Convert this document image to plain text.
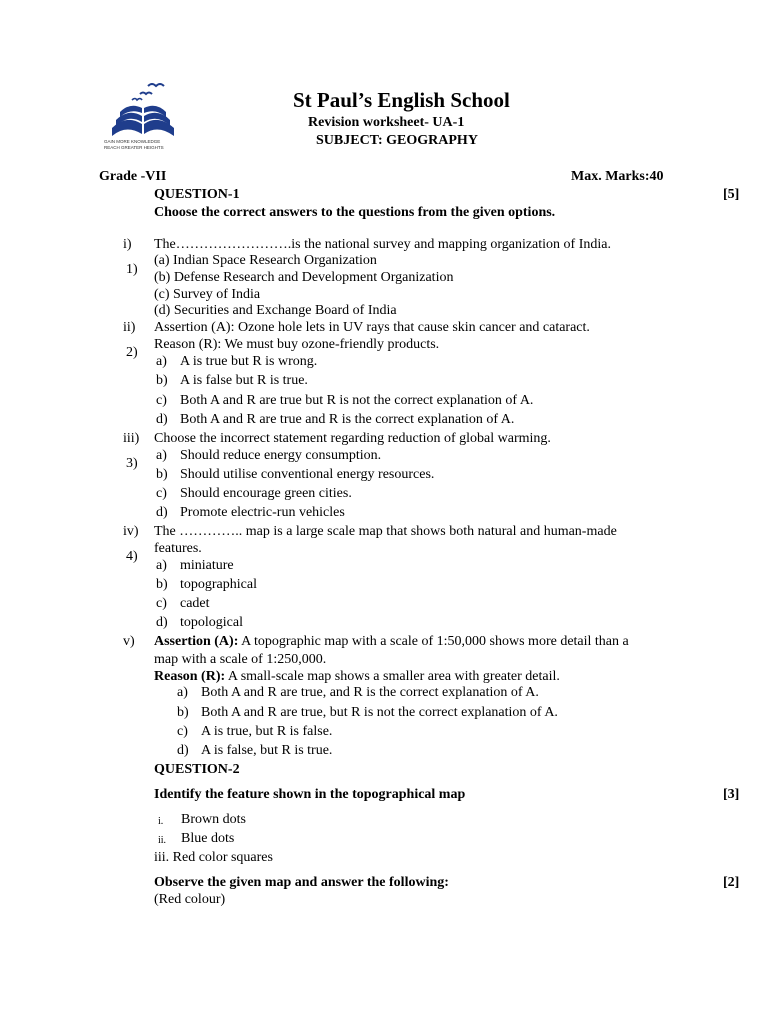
GAIN MORE KNOWLEDGE
REACH GREATER HEIGHTS
St Paul’s English School
Revision worksheet- UA-1
SUBJECT: GEOGRAPHY
Grade -VII	Max. Marks:40
QUESTION-1	[5]
Choose the correct answers to the questions from the given options.
i) The…………………….is the national survey and mapping organization of India.
1)
(a) Indian Space Research Organization
(b) Defense Research and Development Organization
(c) Survey of India
(d) Securities and Exchange Board of India
ii) Assertion (A): Ozone hole lets in UV rays that cause skin cancer and cataract.
Reason (R): We must buy ozone-friendly products.
2)
a) A is true but R is wrong.
b) A is false but R is true.
c) Both A and R are true but R is not the correct explanation of A.
d) Both A and R are true and R is the correct explanation of A.
iii) Choose the incorrect statement regarding reduction of global warming.
3)
a) Should reduce energy consumption.
b) Should utilise conventional energy resources.
c) Should encourage green cities.
d) Promote electric-run vehicles
iv) The ………….. map is a large scale map that shows both natural and human-made
features.
4)
a) miniature
b) topographical
c) cadet
d) topological
v) Assertion (A): A topographic map with a scale of 1:50,000 shows more detail than a
map with a scale of 1:250,000.
Reason (R): A small-scale map shows a smaller area with greater detail.
a) Both A and R are true, and R is the correct explanation of A.
b) Both A and R are true, but R is not the correct explanation of A.
c) A is true, but R is false.
d) A is false, but R is true.
QUESTION-2
Identify the feature shown in the topographical map	[3]
i. Brown dots
ii. Blue dots
iii. Red color squares
Observe the given map and answer the following:	[2]
(Red colour)
